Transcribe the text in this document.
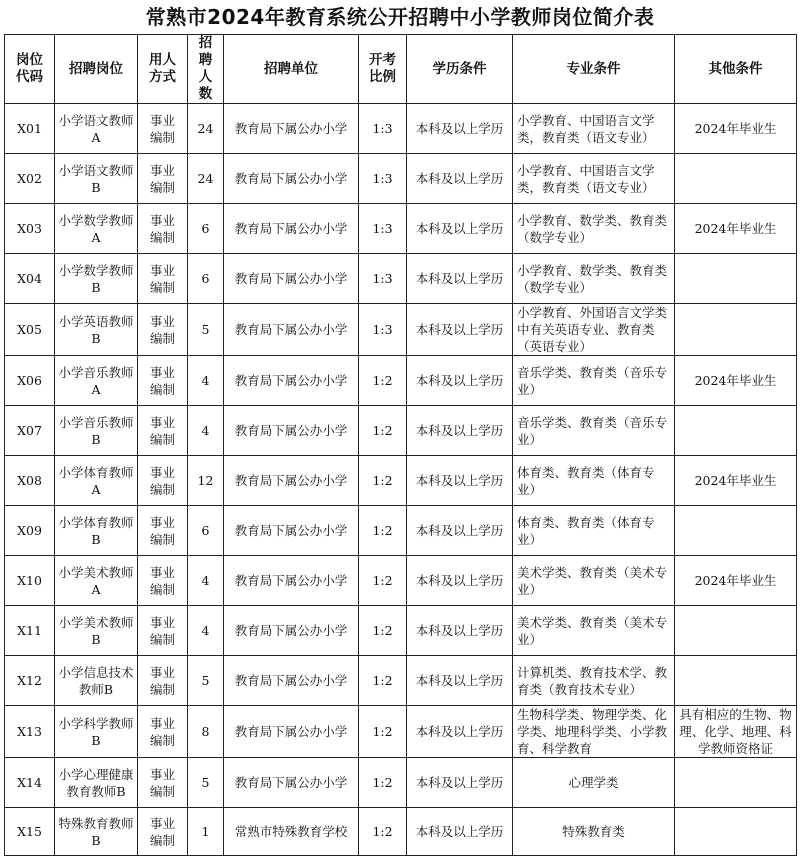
常熟市2024年教育系统公开招聘中小学教师岗位简介表
岗位代码	招聘岗位	用人方式	招聘人数	招聘单位	开考比例	学历条件	专业条件	其他条件
X01	小学语文教师A	事业编制	24	教育局下属公办小学	1:3	本科及以上学历	小学教育、中国语言文学类，教育类（语文专业）	2024年毕业生
X02	小学语文教师B	事业编制	24	教育局下属公办小学	1:3	本科及以上学历	小学教育、中国语言文学类，教育类（语文专业）	
X03	小学数学教师A	事业编制	6	教育局下属公办小学	1:3	本科及以上学历	小学教育、数学类、教育类（数学专业）	2024年毕业生
X04	小学数学教师B	事业编制	6	教育局下属公办小学	1:3	本科及以上学历	小学教育、数学类、教育类（数学专业）	
X05	小学英语教师B	事业编制	5	教育局下属公办小学	1:3	本科及以上学历	小学教育、外国语言文学类中有关英语专业、教育类（英语专业）	
X06	小学音乐教师A	事业编制	4	教育局下属公办小学	1:2	本科及以上学历	音乐学类、教育类（音乐专业）	2024年毕业生
X07	小学音乐教师B	事业编制	4	教育局下属公办小学	1:2	本科及以上学历	音乐学类、教育类（音乐专业）	
X08	小学体育教师A	事业编制	12	教育局下属公办小学	1:2	本科及以上学历	体育类、教育类（体育专业）	2024年毕业生
X09	小学体育教师B	事业编制	6	教育局下属公办小学	1:2	本科及以上学历	体育类、教育类（体育专业）	
X10	小学美术教师A	事业编制	4	教育局下属公办小学	1:2	本科及以上学历	美术学类、教育类（美术专业）	2024年毕业生
X11	小学美术教师B	事业编制	4	教育局下属公办小学	1:2	本科及以上学历	美术学类、教育类（美术专业）	
X12	小学信息技术教师B	事业编制	5	教育局下属公办小学	1:2	本科及以上学历	计算机类、教育技术学、教育类（教育技术专业）	
X13	小学科学教师B	事业编制	8	教育局下属公办小学	1:2	本科及以上学历	生物科学类、物理学类、化学类、地理科学类、小学教育、科学教育	具有相应的生物、物理、化学、地理、科学教师资格证
X14	小学心理健康教育教师B	事业编制	5	教育局下属公办小学	1:2	本科及以上学历	心理学类	
X15	特殊教育教师B	事业编制	1	常熟市特殊教育学校	1:2	本科及以上学历	特殊教育类	
